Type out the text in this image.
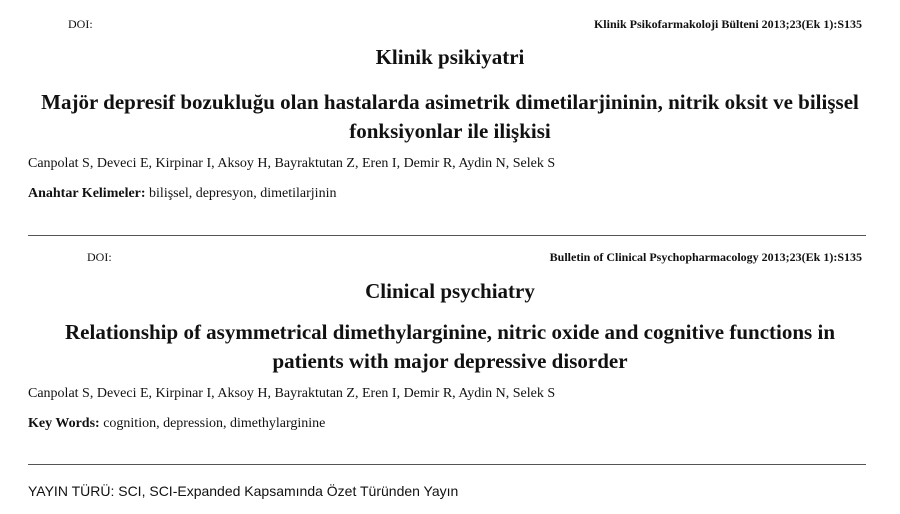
DOI:	Klinik Psikofarmakoloji Bülteni 2013;23(Ek 1):S135
Klinik psikiyatri
Majör depresif bozukluğu olan hastalarda asimetrik dimetilarjininin, nitrik oksit ve bilişsel
fonksiyonlar ile ilişkisi
Canpolat S, Deveci E, Kirpinar I, Aksoy H, Bayraktutan Z, Eren I, Demir R, Aydin N, Selek S
Anahtar Kelimeler: bilişsel, depresyon, dimetilarjinin
DOI:	Bulletin of Clinical Psychopharmacology 2013;23(Ek 1):S135
Clinical psychiatry
Relationship of asymmetrical dimethylarginine, nitric oxide and cognitive functions in
patients with major depressive disorder
Canpolat S, Deveci E, Kirpinar I, Aksoy H, Bayraktutan Z, Eren I, Demir R, Aydin N, Selek S
Key Words: cognition, depression, dimethylarginine
YAYIN TÜRÜ: SCI, SCI-Expanded Kapsamında Özet Türünden Yayın
